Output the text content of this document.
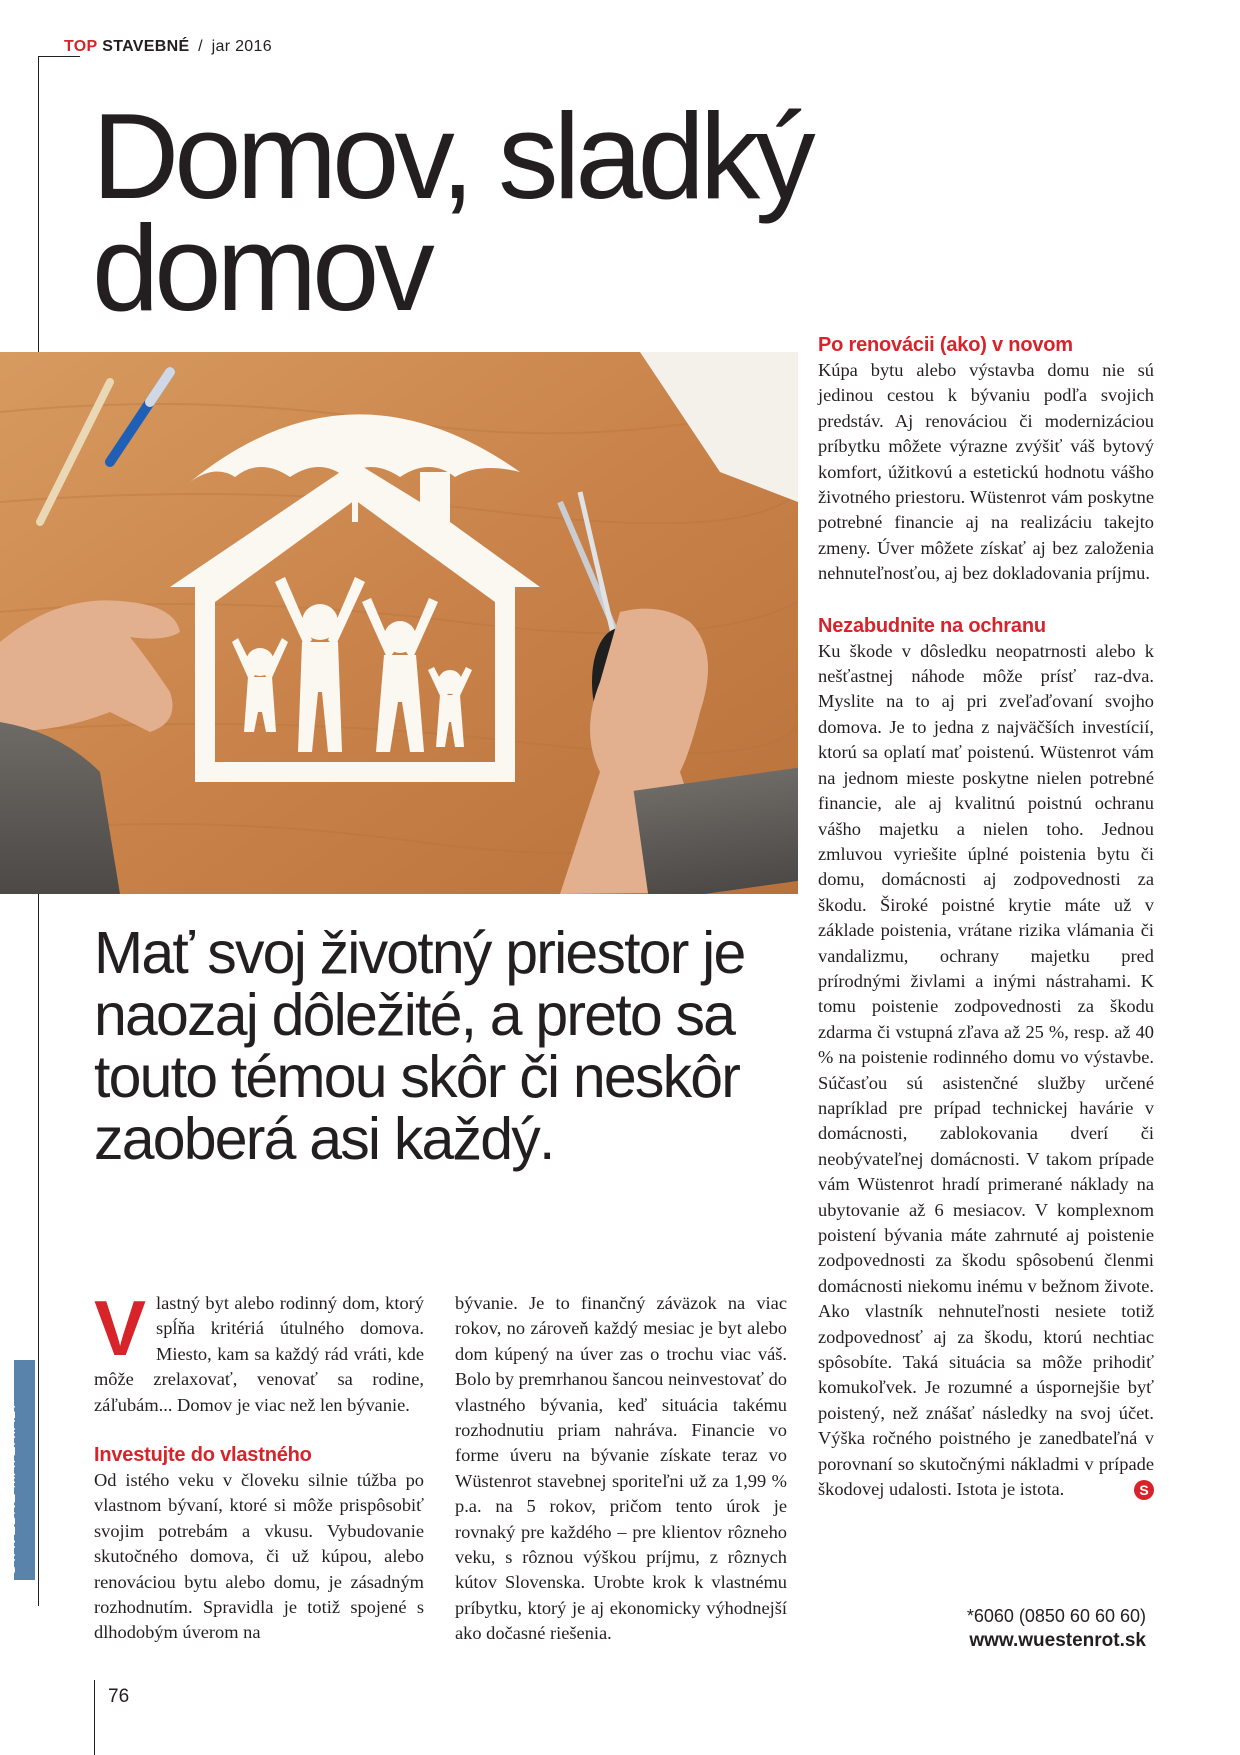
TOP STAVEBNÉ / jar 2016
Domov, sladký
domov
Mať svoj životný priestor je naozaj dôležité, a preto sa touto témou skôr či neskôr zaoberá asi každý.
STAVEBNÉ MATERIÁLY

Vlastný byt alebo rodinný dom, ktorý spĺňa kritériá útulného domova. Miesto, kam sa každý rád vráti, kde môže zrelaxovať, venovať sa rodine, záľubám... Domov je viac než len bývanie.

Investujte do vlastného

Od istého veku v človeku silnie túžba po vlastnom bývaní, ktoré si môže prispôsobiť svojim potrebám a vkusu. Vybudovanie skutočného domova, či už kúpou, alebo renováciou bytu alebo domu, je zásadným rozhodnutím. Spravidla je totiž spojené s dlhodobým úverom na

bývanie. Je to finančný záväzok na viac rokov, no zároveň každý mesiac je byt alebo dom kúpený na úver zas o trochu viac váš. Bolo by premrhanou šancou neinvestovať do vlastného bývania, keď situácia takému rozhodnutiu priam nahráva. Financie vo forme úveru na bývanie získate teraz vo Wüstenrot stavebnej sporiteľni už za 1,99 % p.a. na 5 rokov, pričom tento úrok je rovnaký pre každého – pre klientov rôzneho veku, s rôznou výškou príjmu, z rôznych kútov Slovenska. Urobte krok k vlastnému príbytku, ktorý je aj ekonomicky výhodnejší ako dočasné riešenia.

Po renovácii (ako) v novom

Kúpa bytu alebo výstavba domu nie sú jedinou cestou k bývaniu podľa svojich predstáv. Aj renováciou či modernizáciou príbytku môžete výrazne zvýšiť váš bytový komfort, úžitkovú a estetickú hodnotu vášho životného priestoru. Wüstenrot vám poskytne potrebné financie aj na realizáciu takejto zmeny. Úver môžete získať aj bez založenia nehnuteľnosťou, aj bez dokladovania príjmu.

Nezabudnite na ochranu

Ku škode v dôsledku neopatrnosti alebo k nešťastnej náhode môže prísť raz-dva. Myslite na to aj pri zveľaďovaní svojho domova. Je to jedna z najväčších investícií, ktorú sa oplatí mať poistenú. Wüstenrot vám na jednom mieste poskytne nielen potrebné financie, ale aj kvalitnú poistnú ochranu vášho majetku a nielen toho. Jednou zmluvou vyriešite úplné poistenia bytu či domu, domácnosti aj zodpovednosti za škodu. Široké poistné krytie máte už v základe poistenia, vrátane rizika vlámania či vandalizmu, ochrany majetku pred prírodnými živlami a inými nástrahami. K tomu poistenie zodpovednosti za škodu zdarma či vstupná zľava až 25 %, resp. až 40 % na poistenie rodinného domu vo výstavbe. Súčasťou sú asistenčné služby určené napríklad pre prípad technickej havárie v domácnosti, zablokovania dverí či neobývateľnej domácnosti. V takom prípade vám Wüstenrot hradí primerané náklady na ubytovanie až 6 mesiacov. V komplexnom poistení bývania máte zahrnuté aj poistenie zodpovednosti za škodu spôsobenú členmi domácnosti niekomu inému v bežnom živote. Ako vlastník nehnuteľnosti nesiete totiž zodpovednosť aj za škodu, ktorú nechtiac spôsobíte. Taká situácia sa môže prihodiť komukoľvek. Je rozumné a úspornejšie byť poistený, než znášať následky na svoj účet. Výška ročného poistného je zanedbateľná v porovnaní so skutočnými nákladmi v prípade škodovej udalosti. Istota je istota.	S

*6060 (0850 60 60 60)
www.wuestenrot.sk
76
